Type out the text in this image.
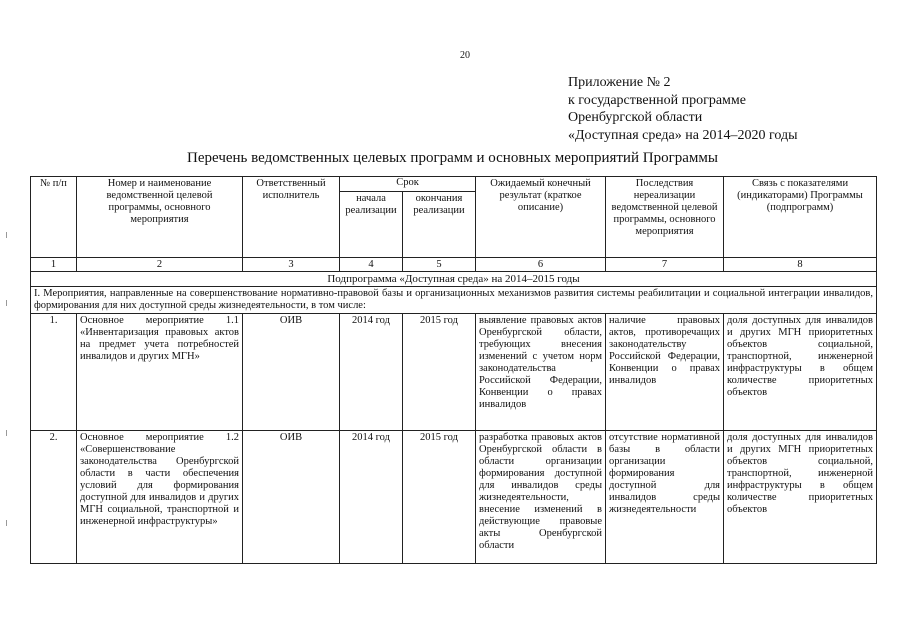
20
Приложение № 2
к государственной программе
Оренбургской области
«Доступная среда» на 2014–2020 годы
Перечень ведомственных целевых программ и основных мероприятий Программы
№ п/п	Номер и наименование ведомственной целевой программы, основного мероприятия	Ответственный исполнитель	Срок		Ожидаемый конечный результат (краткое описание)	Последствия нереализации ведомственной целевой программы, основного мероприятия	Связь с показателями (индикаторами) Программы (подпрограмм)
			начала реализации	окончания реализации			
1	2	3	4	5	6	7	8
Подпрограмма «Доступная среда» на 2014–2015 годы							
I. Мероприятия, направленные на совершенствование нормативно-правовой базы и организационных механизмов развития системы реабилитации и социальной интеграции инвалидов, формирования для них доступной среды жизнедеятельности, в том числе:							
1.	Основное мероприятие 1.1 «Инвентаризация правовых актов на предмет учета потребностей инвалидов и других МГН»	ОИВ	2014 год	2015 год	выявление правовых актов Оренбургской области, требующих внесения изменений с учетом норм законодательства Российской Федерации, Конвенции о правах инвалидов	наличие правовых актов, противоречащих законодательству Российской Федерации, Конвенции о правах инвалидов	доля доступных для инвалидов и других МГН приоритетных объектов социальной, транспортной, инженерной инфраструктуры в общем количестве приоритетных объектов
2.	Основное мероприятие 1.2 «Совершенствование законодательства Оренбургской области в части обеспечения условий для формирования доступной для инвалидов и других МГН социальной, транспортной и инженерной инфраструктуры»	ОИВ	2014 год	2015 год	разработка правовых актов Оренбургской области в области организации формирования доступной для инвалидов среды жизнедеятельности, внесение изменений в действующие правовые акты Оренбургской области	отсутствие нормативной базы в области организации формирования доступной для инвалидов среды жизнедеятельности	доля доступных для инвалидов и других МГН приоритетных объектов социальной, транспортной, инженерной инфраструктуры в общем количестве приоритетных объектов
